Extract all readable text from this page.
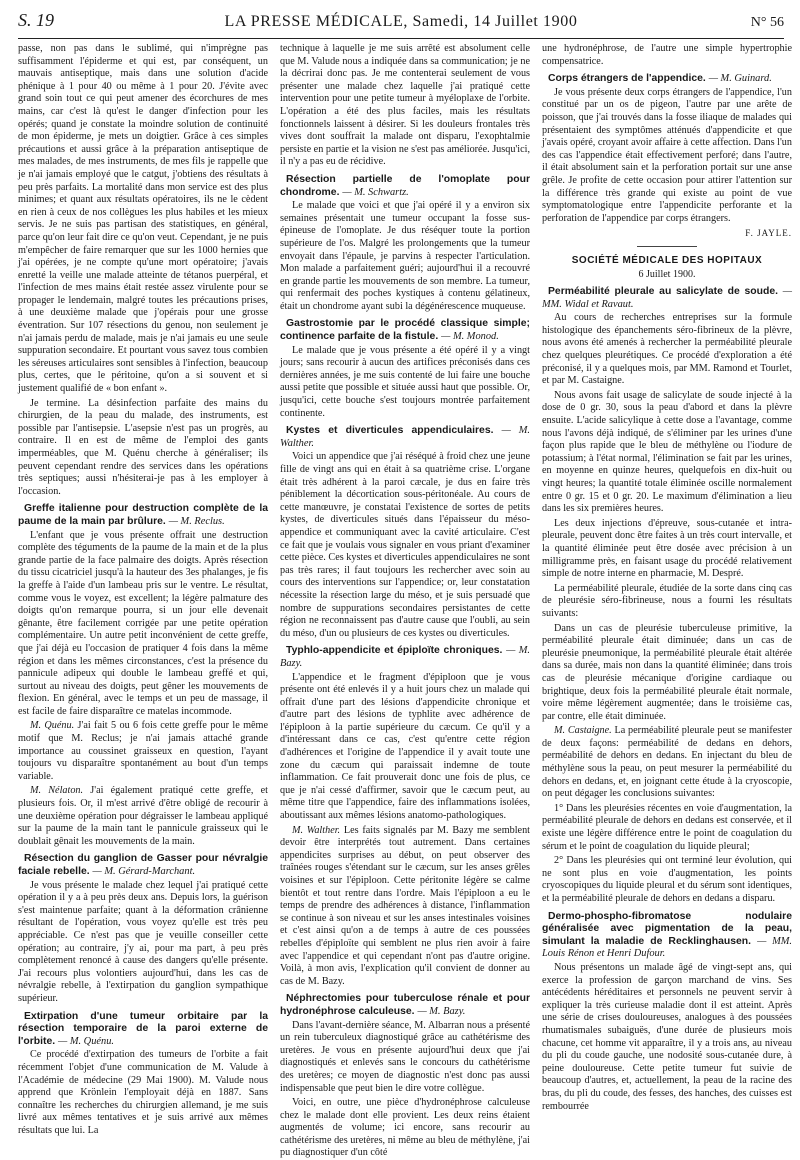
S. 19	LA PRESSE MÉDICALE, Samedi, 14 Juillet 1900	N° 56

passe, non pas dans le sublimé, qui n'imprègne pas suffisamment l'épiderme et qui est, par conséquent, un mauvais antiseptique, mais dans une solution d'acide phénique à 1 pour 40 ou même à 1 pour 20. J'évite avec grand soin tout ce qui peut amener des écorchures de mes mains, car c'est là qu'est le danger d'infection pour les opérés; quand je constate la moindre solution de continuité de mon épiderme, je mets un doigtier. Grâce à ces simples précautions et aussi grâce à la préparation antiseptique de mes malades, de mes instruments, de mes fils je rappelle que je n'ai jamais employé que le catgut, j'obtiens des résultats à peu près parfaits. La mortalité dans mon service est des plus minimes; et quant aux résultats opératoires, ils ne le cèdent en rien à ceux de nos collègues les plus habiles et les mieux servis. Je ne suis pas partisan des statistiques, en général, parce qu'on leur fait dire ce qu'on veut. Cependant, je ne puis m'empêcher de faire remarquer que sur les 1000 hernies que j'ai opérées, je ne compte qu'une mort opératoire; j'avais enretté la veille une malade atteinte de tétanos puerpéral, et l'infection de mes mains était restée assez virulente pour se propager le lendemain, malgré toutes les précautions prises, à une deuxième malade que j'opérais pour une grosse éventration. Sur 107 résections du genou, non seulement je n'ai jamais perdu de malade, mais je n'ai jamais eu une seule suppuration secondaire. Et pourtant vous savez tous combien les séreuses articulaires sont sensibles à l'infection, beaucoup plus, certes, que le péritoine, qu'on a si souvent et si justement qualifié de « bon enfant ».

Je termine. La désinfection parfaite des mains du chirurgien, de la peau du malade, des instruments, est possible par l'antisepsie. L'asepsie n'est pas un progrès, au contraire. Il en est de même de l'emploi des gants imperméables, que M. Quénu cherche à généraliser; ils peuvent cependant rendre des services dans les opérations très septiques; aussi n'hésiterai-je pas à les employer à l'occasion.

Greffe italienne pour destruction complète de la paume de la main par brûlure. — M. Reclus.

L'enfant que je vous présente offrait une destruction complète des téguments de la paume de la main et de la plus grande partie de la face palmaire des doigts. Après résection du tissu cicatriciel jusqu'à la hauteur des 3es phalanges, je fis la greffe à l'aide d'un lambeau pris sur le ventre. Le résultat, comme vous le voyez, est excellent; la légère palmature des doigts qu'on remarque pourra, si un jour elle devenait gênante, être facilement corrigée par une petite opération complémentaire. Un autre petit inconvénient de cette greffe, que j'ai déjà eu l'occasion de pratiquer 4 fois dans la même région et dans les mêmes circonstances, c'est la présence du pannicule adipeux qui double le lambeau greffé et qui, surtout au niveau des doigts, peut gêner les mouvements de flexion. En général, avec le temps et un peu de massage, il est facile de faire disparaître ce matelas incommode.

M. Quénu. J'ai fait 5 ou 6 fois cette greffe pour le même motif que M. Reclus; je n'ai jamais attaché grande importance au coussinet graisseux en question, l'ayant toujours vu disparaître spontanément au bout d'un temps variable.

M. Nélaton. J'ai également pratiqué cette greffe, et plusieurs fois. Or, il m'est arrivé d'être obligé de recourir à une deuxième opération pour dégraisser le lambeau appliqué sur la paume de la main tant le pannicule graisseux qui le doublait gênait les mouvements de la main.

Résection du ganglion de Gasser pour névralgie faciale rebelle. — M. Gérard-Marchant.

Je vous présente le malade chez lequel j'ai pratiqué cette opération il y a à peu près deux ans. Depuis lors, la guérison s'est maintenue parfaite; quant à la déformation crânienne résultant de l'opération, vous voyez qu'elle est très peu appréciable. Ce n'est pas que je veuille conseiller cette opération; au contraire, j'y ai, pour ma part, à peu près complètement renoncé à cause des dangers qu'elle présente. J'ai recours plus volontiers aujourd'hui, dans les cas de névralgie rebelle, à l'extirpation du ganglion sympathique supérieur.

Extirpation d'une tumeur orbitaire par la résection temporaire de la paroi externe de l'orbite. — M. Quénu.

Ce procédé d'extirpation des tumeurs de l'orbite a fait récemment l'objet d'une communication de M. Valude à l'Académie de médecine (29 Mai 1900). M. Valude nous apprend que Krönlein l'employait déjà en 1887. Sans connaître les recherches du chirurgien allemand, je me suis livré aux mêmes tentatives et je suis arrivé aux mêmes résultats que lui. La

technique à laquelle je me suis arrêté est absolument celle que M. Valude nous a indiquée dans sa communication; je ne la décrirai donc pas. Je me contenterai seulement de vous présenter une malade chez laquelle j'ai pratiqué cette intervention pour une petite tumeur à myéloplaxe de l'orbite. L'opération a été des plus faciles, mais les résultats fonctionnels laissent à désirer. Si les douleurs frontales très vives dont souffrait la malade ont disparu, l'exophtalmie persiste en partie et la vision ne s'est pas améliorée. Jusqu'ici, il n'y a pas eu de récidive.

Résection partielle de l'omoplate pour chondrome. — M. Schwartz.

Le malade que voici et que j'ai opéré il y a environ six semaines présentait une tumeur occupant la fosse sus-épineuse de l'omoplate. Je dus réséquer toute la portion supérieure de l'os. Malgré les prolongements que la tumeur envoyait dans l'épaule, je parvins à respecter l'articulation. Mon malade a parfaitement guéri; aujourd'hui il a recouvré en grande partie les mouvements de son membre. La tumeur, qui renfermait des poches kystiques à contenu gélatineux, était un chondrome ayant subi la dégénérescence muqueuse.

Gastrostomie par le procédé classique simple; continence parfaite de la fistule. — M. Monod.

Le malade que je vous présente a été opéré il y a vingt jours; sans recourir à aucun des artifices préconisés dans ces dernières années, je me suis contenté de lui faire une bouche aussi petite que possible et située aussi haut que possible. Or, jusqu'ici, cette bouche s'est toujours montrée parfaitement continente.

Kystes et diverticules appendiculaires. — M. Walther.

Voici un appendice que j'ai réséqué à froid chez une jeune fille de vingt ans qui en était à sa quatrième crise. L'organe était très adhérent à la paroi cæcale, je dus en faire très péniblement la décortication sous-péritonéale. Au cours de cette manœuvre, je constatai l'existence de sortes de petits kystes, de diverticules situés dans l'épaisseur du méso-appendice et communiquant avec la cavité articulaire. C'est ce fait que je voulais vous signaler en vous priant d'examiner cette pièce. Ces kystes et diverticules appendiculaires ne sont pas très rares; il faut toujours les rechercher avec soin au cours des interventions sur l'appendice; or, leur constatation nécessite la résection large du méso, et je suis persuadé que nombre de suppurations secondaires persistantes de cette région ne reconnaissent pas d'autre cause que l'oubli, au sein du méso, d'un ou plusieurs de ces kystes ou diverticules.

Typhlo-appendicite et épiploïte chroniques. — M. Bazy.

L'appendice et le fragment d'épiploon que je vous présente ont été enlevés il y a huit jours chez un malade qui offrait d'une part des lésions d'appendicite chronique et d'autre part des lésions de typhlite avec adhérence de l'épiploon à la partie supérieure du cæcum. Ce qu'il y a d'intéressant dans ce cas, c'est qu'entre cette région d'adhérences et l'origine de l'appendice il y avait toute une zone du cæcum qui paraissait indemne de toute inflammation. Ce fait prouverait donc une fois de plus, ce que je n'ai cessé d'affirmer, savoir que le cæcum peut, au même titre que l'appendice, faire des inflammations isolées, aboutissant aux mêmes lésions anatomo-pathologiques.

M. Walther. Les faits signalés par M. Bazy me semblent devoir être interprétés tout autrement. Dans certaines appendicites surprises au début, on peut observer des traînées rouges s'étendant sur le cæcum, sur les anses grêles voisines et sur l'épiploon. Cette péritonite légère se calme bientôt et tout rentre dans l'ordre. Mais l'épiploon a eu le temps de prendre des adhérences à distance, l'inflammation se continue à son niveau et sur les anses intestinales voisines et c'est ainsi qu'on a de temps à autre de ces poussées rebelles d'épiploïte qui semblent ne plus rien avoir à faire avec l'appendice et qui cependant n'ont pas d'autre origine. Voilà, à mon avis, l'explication qu'il convient de donner au cas de M. Bazy.

Néphrectomies pour tuberculose rénale et pour hydronéphrose calculeuse. — M. Bazy.

Dans l'avant-dernière séance, M. Albarran nous a présenté un rein tuberculeux diagnostiqué grâce au cathétérisme des uretères. Je vous en présente aujourd'hui deux que j'ai diagnostiqués et enlevés sans le concours du cathétérisme des uretères; ce moyen de diagnostic n'est donc pas aussi indispensable que peut bien le dire votre collègue.

Voici, en outre, une pièce d'hydronéphrose calculeuse chez le malade dont elle provient. Les deux reins étaient augmentés de volume; ici encore, sans recourir au cathétérisme des uretères, ni même au bleu de méthylène, j'ai pu diagnostiquer d'un côté

une hydronéphrose, de l'autre une simple hypertrophie compensatrice.

Corps étrangers de l'appendice. — M. Guinard.

Je vous présente deux corps étrangers de l'appendice, l'un constitué par un os de pigeon, l'autre par une arête de poisson, que j'ai trouvés dans la fosse iliaque de malades qui présentaient des symptômes atténués d'appendicite et que j'avais opéré, croyant avoir affaire à cette affection. Dans l'un des cas l'appendice était effectivement perforé; dans l'autre, il était absolument sain et la perforation portait sur une anse grêle. Je profite de cette occasion pour attirer l'attention sur la différence très grande qui existe au point de vue symptomatologique entre l'appendicite perforante et la perforation de l'appendice par corps étrangers.

F. JAYLE.
SOCIÉTÉ MÉDICALE DES HOPITAUX
6 Juillet 1900.
Perméabilité pleurale au salicylate de soude. — MM. Widal et Ravaut.

Au cours de recherches entreprises sur la formule histologique des épanchements séro-fibrineux de la plèvre, nous avons été amenés à rechercher la perméabilité pleurale chez quelques pleurétiques. Ce procédé d'exploration a été préconisé, il y a quelques mois, par MM. Ramond et Tourlet, et par M. Castaigne.

Nous avons fait usage de salicylate de soude injecté à la dose de 0 gr. 30, sous la peau d'abord et dans la plèvre ensuite. L'acide salicylique à cette dose a l'avantage, comme nous l'avons déjà indiqué, de s'éliminer par les urines d'une façon plus rapide que le bleu de méthylène ou l'iodure de potassium; à l'état normal, l'élimination se fait par les urines, en moyenne en quinze heures, quelquefois en dix-huit ou vingt heures; la quantité totale éliminée oscille normalement entre 0 gr. 15 et 0 gr. 20. Le maximum d'élimination a lieu dans les six premières heures.

Les deux injections d'épreuve, sous-cutanée et intra-pleurale, peuvent donc être faites à un très court intervalle, et la quantité éliminée peut être dosée avec précision à un milligramme près, en faisant usage du procédé relativement simple de notre interne en pharmacie, M. Despré.

La perméabilité pleurale, étudiée de la sorte dans cinq cas de pleurésie séro-fibrineuse, nous a fourni les résultats suivants:

Dans un cas de pleurésie tuberculeuse primitive, la perméabilité pleurale était diminuée; dans un cas de pleurésie pneumonique, la perméabilité pleurale était altérée dans sa durée, mais non dans la quantité éliminée; dans trois cas de pleurésie mécanique d'origine cardiaque ou brightique, deux fois la perméabilité pleurale était normale, voire même légèrement augmentée; dans le troisième cas, par contre, elle était diminuée.

M. Castaigne. La perméabilité pleurale peut se manifester de deux façons: perméabilité de dedans en dehors, perméabilité de dehors en dedans. En injectant du bleu de méthylène sous la peau, on peut mesurer la perméabilité du dehors en dedans, et, en joignant cette étude à la cryoscopie, on peut dégager les conclusions suivantes:

1° Dans les pleurésies récentes en voie d'augmentation, la perméabilité pleurale de dehors en dedans est conservée, et il existe une légère différence entre le point de coagulation du sérum et le point de coagulation du liquide pleural;

2° Dans les pleurésies qui ont terminé leur évolution, qui ne sont plus en voie d'augmentation, les points cryoscopiques du liquide pleural et du sérum sont identiques, et la perméabilité pleurale de dehors en dedans a disparu.

Dermo-phospho-fibromatose nodulaire généralisée avec pigmentation de la peau, simulant la maladie de Recklinghausen. — MM. Louis Rénon et Henri Dufour.

Nous présentons un malade âgé de vingt-sept ans, qui exerce la profession de garçon marchand de vins. Ses antécédents héréditaires et personnels ne peuvent servir à expliquer la très curieuse maladie dont il est atteint. Après une série de crises douloureuses, analogues à des poussées rhumatismales subaiguës, d'une durée de plusieurs mois chacune, cet homme vit apparaître, il y a trois ans, au niveau du pli du coude gauche, une nodosité sous-cutanée dure, à peine douloureuse. Cette petite tumeur fut suivie de beaucoup d'autres, et, actuellement, la peau de la racine des bras, du pli du coude, des fesses, des hanches, des cuisses est rembourrée
